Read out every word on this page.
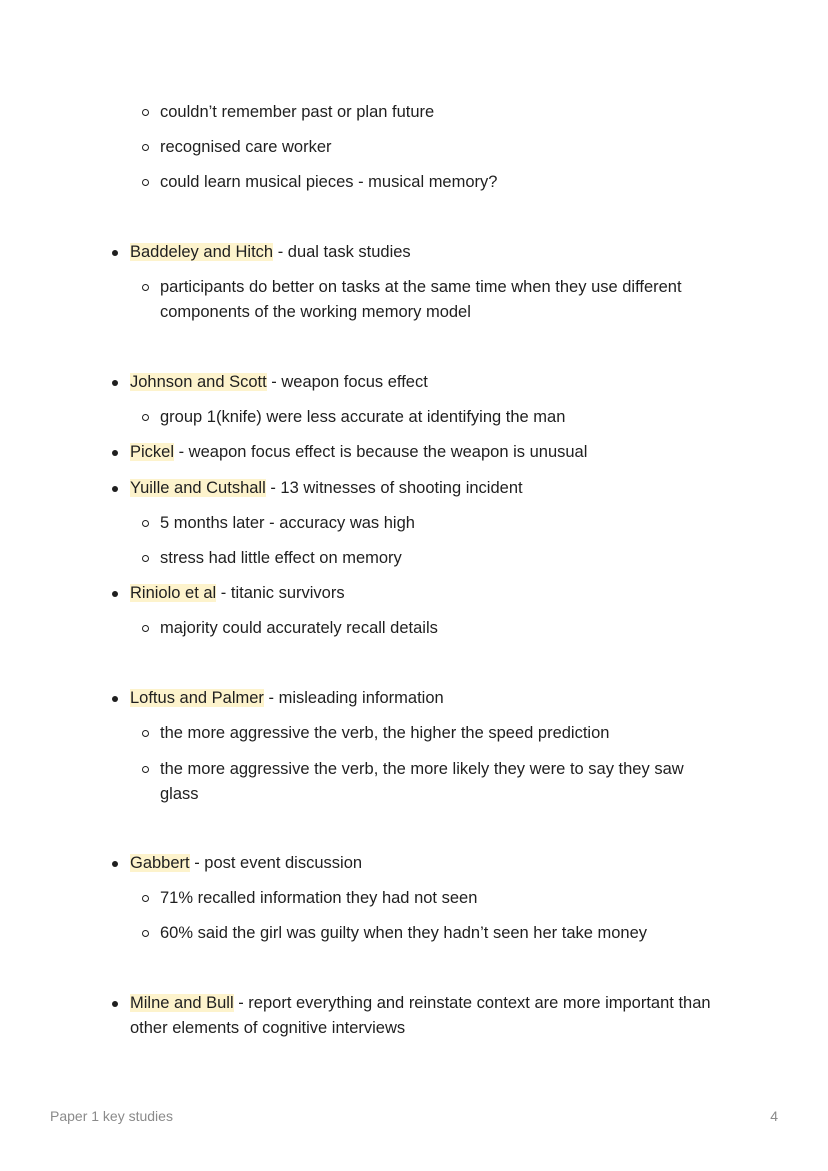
couldn’t remember past or plan future
recognised care worker
could learn musical pieces - musical memory?
Baddeley and Hitch - dual task studies
participants do better on tasks at the same time when they use different components of the working memory model
Johnson and Scott - weapon focus effect
group 1(knife) were less accurate at identifying the man
Pickel - weapon focus effect is because the weapon is unusual
Yuille and Cutshall - 13 witnesses of shooting incident
5 months later - accuracy was high
stress had little effect on memory
Riniolo et al - titanic survivors
majority could accurately recall details
Loftus and Palmer - misleading information
the more aggressive the verb, the higher the speed prediction
the more aggressive the verb, the more likely they were to say they saw glass
Gabbert - post event discussion
71% recalled information they had not seen
60% said the girl was guilty when they hadn’t seen her take money
Milne and Bull - report everything and reinstate context are more important than other elements of cognitive interviews
Paper 1 key studies	4
